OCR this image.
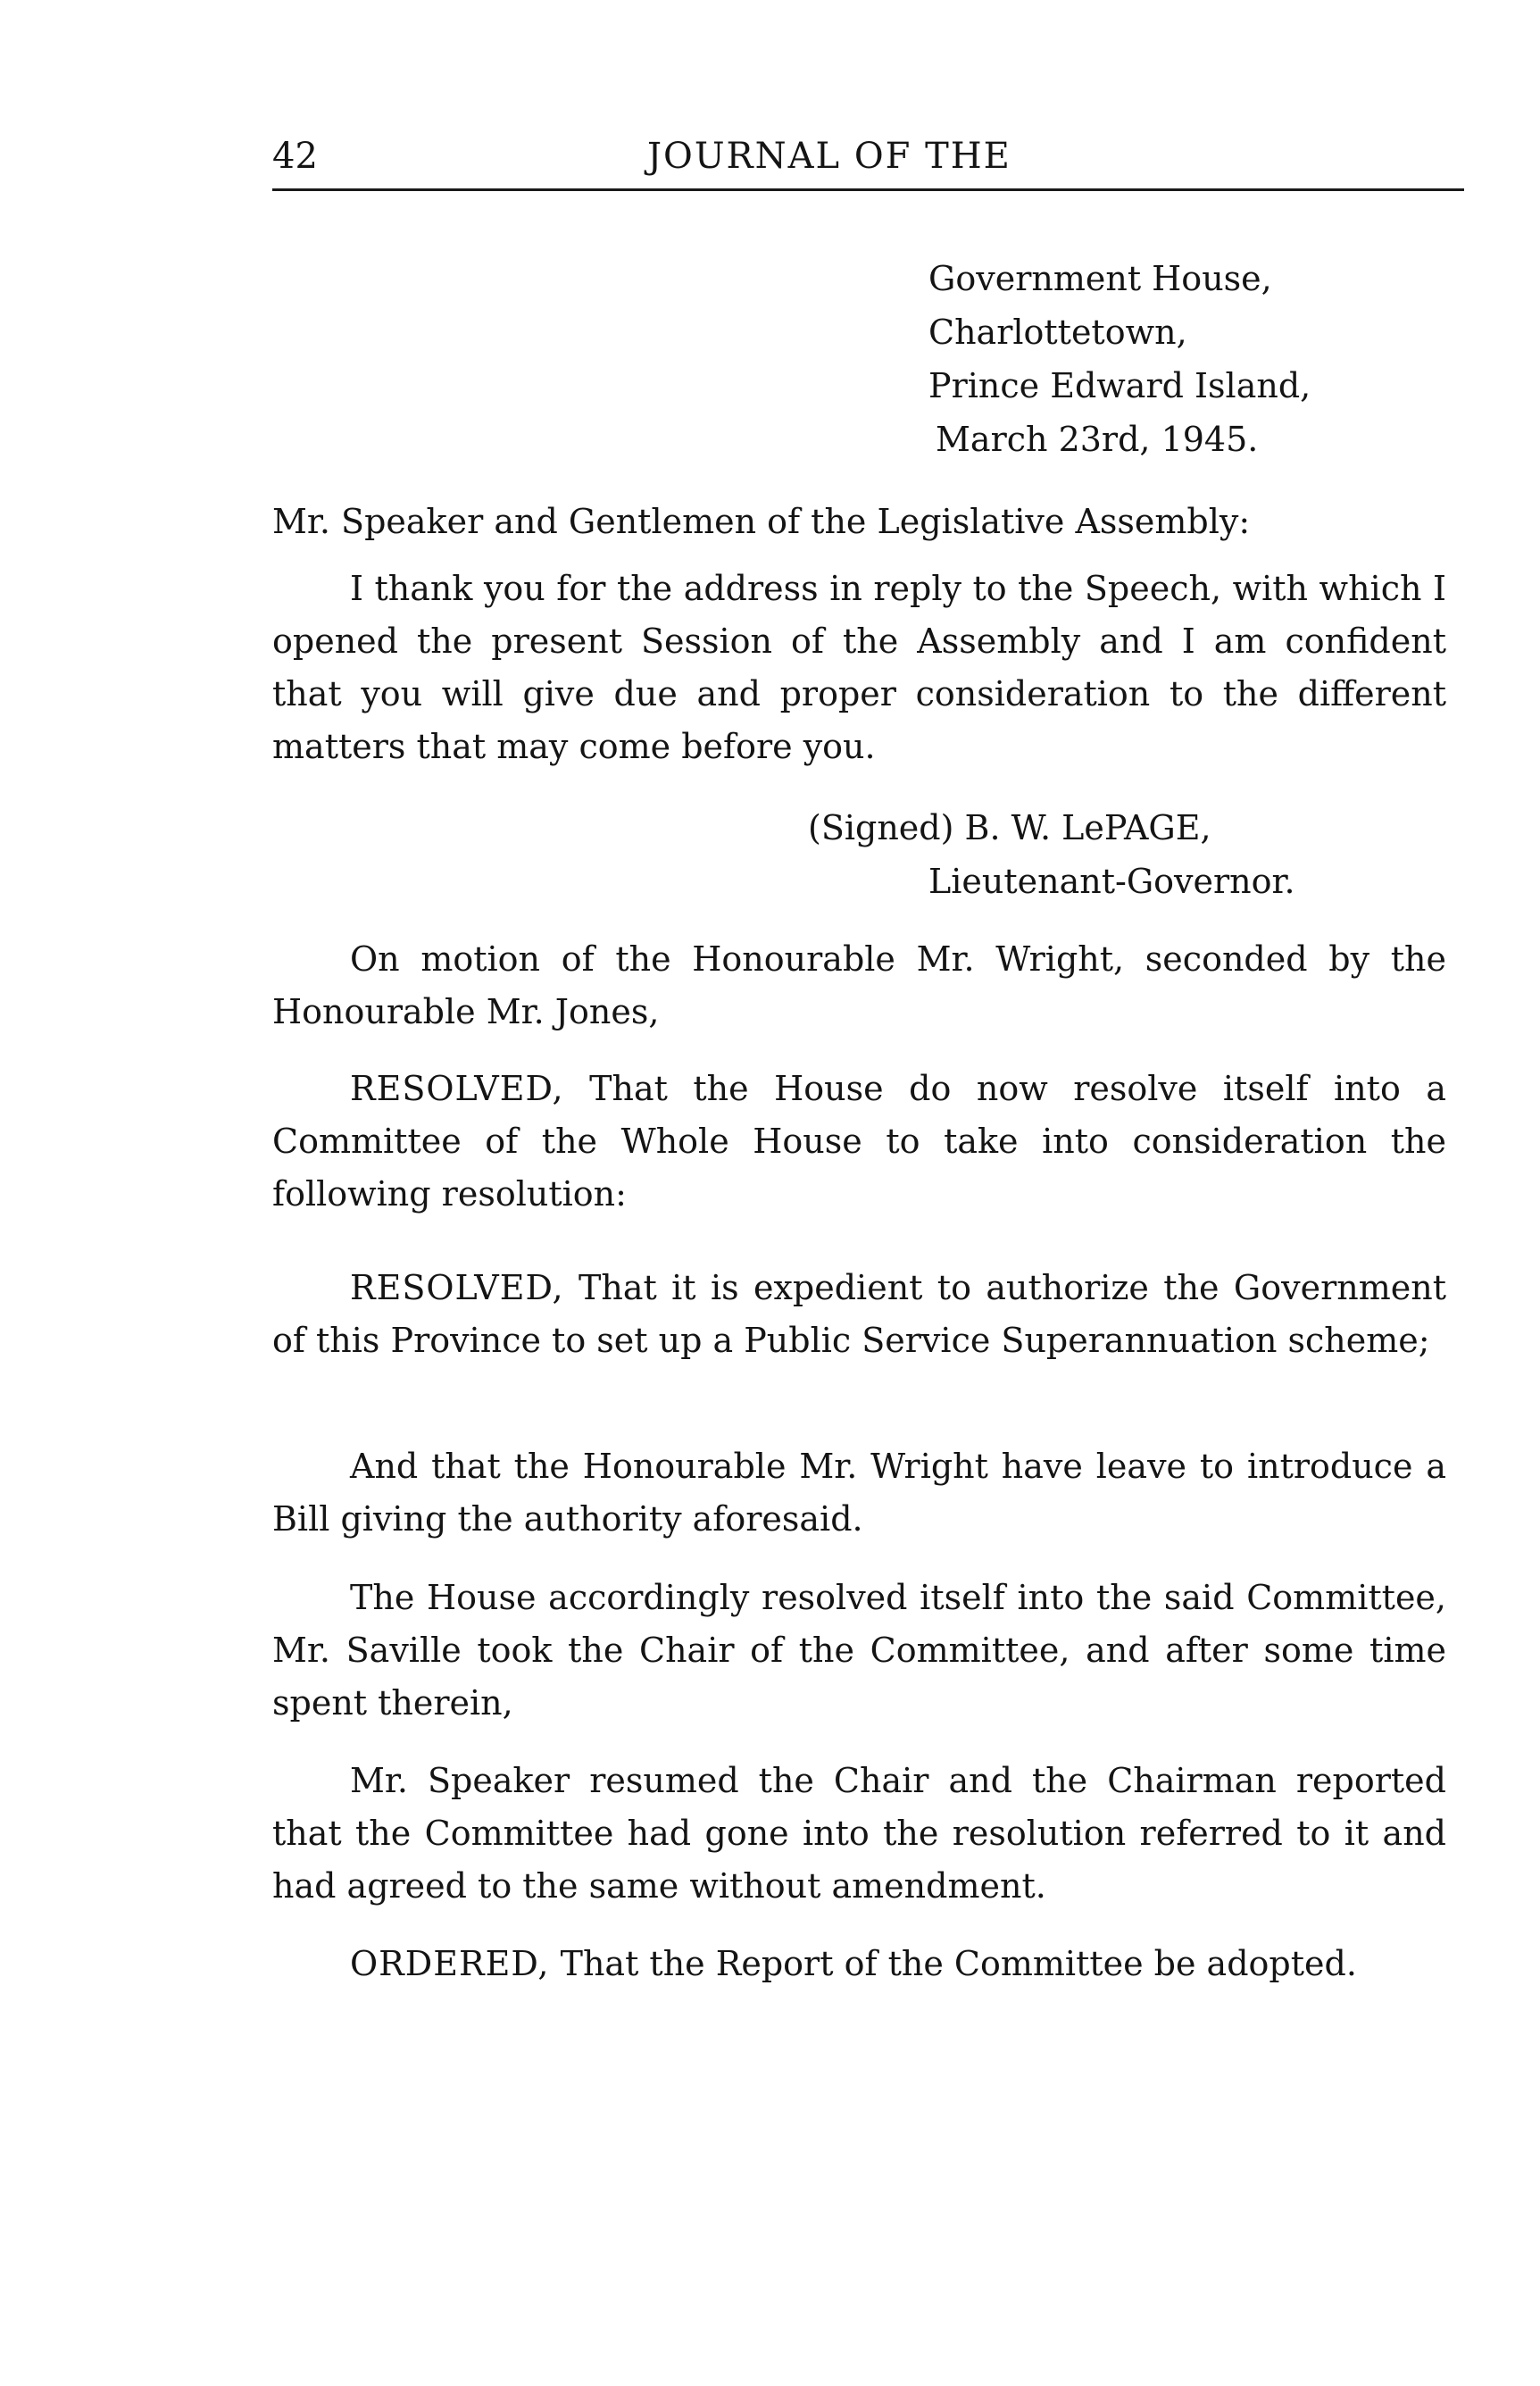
42	JOURNAL OF THE
Government House,
Charlottetown,
Prince Edward Island,
March 23rd, 1945.

Mr. Speaker and Gentlemen of the Legislative Assembly:

I thank you for the address in reply to the Speech, with which I opened the present Session of the Assembly and I am confident that you will give due and proper consideration to the different matters that may come before you.

(Signed) B. W. LePAGE,
Lieutenant-Governor.

On motion of the Honourable Mr. Wright, seconded by the Honourable Mr. Jones,

RESOLVED, That the House do now resolve itself into a Committee of the Whole House to take into consideration the following resolution:

RESOLVED, That it is expedient to authorize the Government of this Province to set up a Public Service Superannuation scheme;

And that the Honourable Mr. Wright have leave to introduce a Bill giving the authority aforesaid.

The House accordingly resolved itself into the said Committee, Mr. Saville took the Chair of the Committee, and after some time spent therein,

Mr. Speaker resumed the Chair and the Chairman reported that the Committee had gone into the resolution referred to it and had agreed to the same without amendment.

ORDERED, That the Report of the Committee be adopted.
